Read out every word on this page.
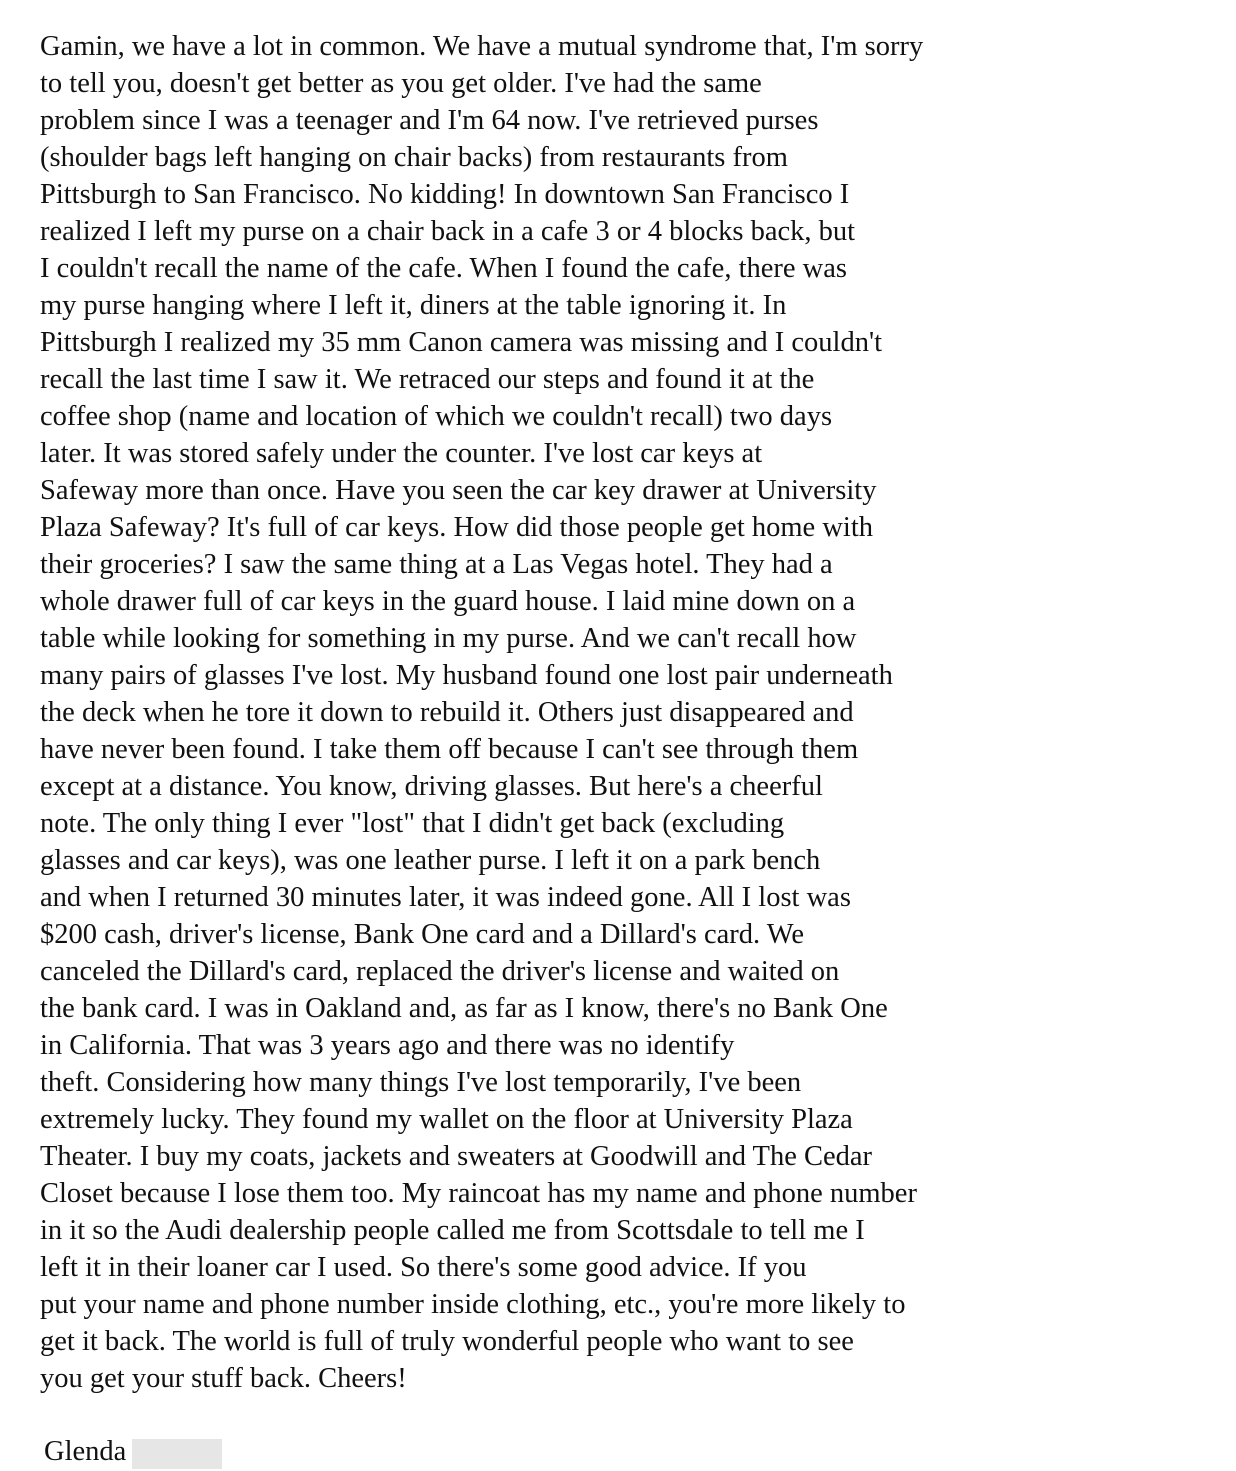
Gamin, we have a lot in common. We have a mutual syndrome that, I'm sorry
to tell you, doesn't get better as you get older. I've had the same
problem since I was a teenager and I'm 64 now. I've retrieved purses
(shoulder bags left hanging on chair backs) from restaurants from
Pittsburgh to San Francisco. No kidding! In downtown San Francisco I
realized I left my purse on a chair back in a cafe 3 or 4 blocks back, but
I couldn't recall the name of the cafe. When I found the cafe, there was
my purse hanging where I left it, diners at the table ignoring it. In
Pittsburgh I realized my 35 mm Canon camera was missing and I couldn't
recall the last time I saw it. We retraced our steps and found it at the
coffee shop (name and location of which we couldn't recall) two days
later. It was stored safely under the counter. I've lost car keys at
Safeway more than once. Have you seen the car key drawer at University
Plaza Safeway? It's full of car keys. How did those people get home with
their groceries? I saw the same thing at a Las Vegas hotel. They had a
whole drawer full of car keys in the guard house. I laid mine down on a
table while looking for something in my purse. And we can't recall how
many pairs of glasses I've lost. My husband found one lost pair underneath
the deck when he tore it down to rebuild it. Others just disappeared and
have never been found. I take them off because I can't see through them
except at a distance. You know, driving glasses. But here's a cheerful
note. The only thing I ever "lost" that I didn't get back (excluding
glasses and car keys), was one leather purse. I left it on a park bench
and when I returned 30 minutes later, it was indeed gone. All I lost was
$200 cash, driver's license, Bank One card and a Dillard's card. We
canceled the Dillard's card, replaced the driver's license and waited on
the bank card. I was in Oakland and, as far as I know, there's no Bank One
in California. That was 3 years ago and there was no identify
theft. Considering how many things I've lost temporarily, I've been
extremely lucky. They found my wallet on the floor at University Plaza
Theater. I buy my coats, jackets and sweaters at Goodwill and The Cedar
Closet because I lose them too. My raincoat has my name and phone number
in it so the Audi dealership people called me from Scottsdale to tell me I
left it in their loaner car I used. So there's some good advice. If you
put your name and phone number inside clothing, etc., you're more likely to
get it back. The world is full of truly wonderful people who want to see
you get your stuff back. Cheers!
Glenda
